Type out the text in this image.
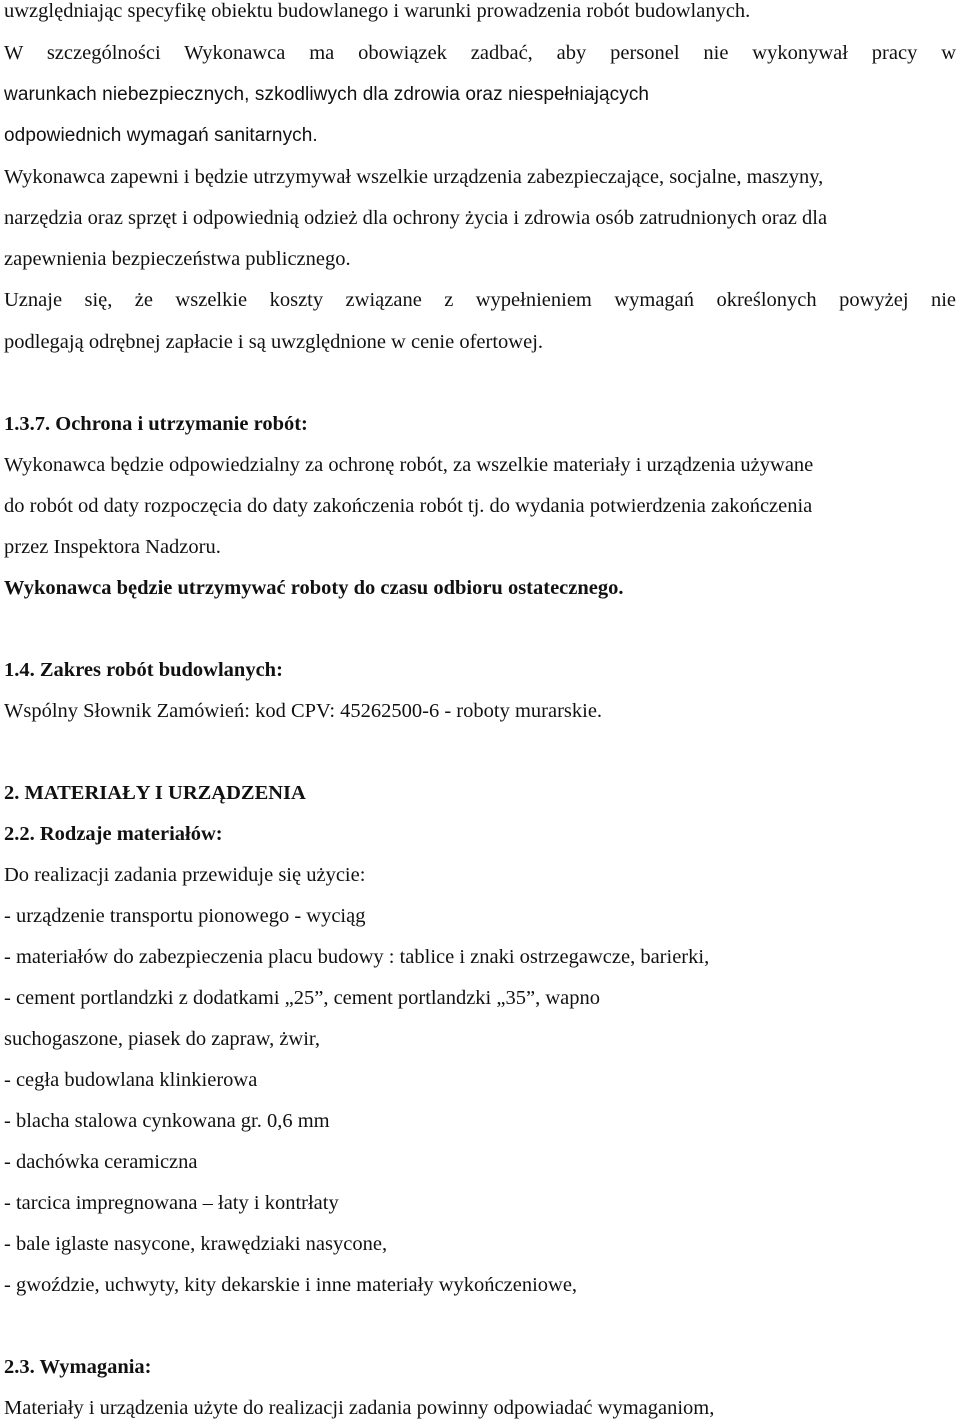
uwzględniając specyfikę obiektu budowlanego i warunki prowadzenia robót budowlanych.
W szczególności Wykonawca ma obowiązek zadbać, aby personel nie wykonywał pracy w
warunkach niebezpiecznych, szkodliwych dla zdrowia oraz niespełniających
odpowiednich wymagań sanitarnych.
Wykonawca zapewni i będzie utrzymywał wszelkie urządzenia zabezpieczające, socjalne, maszyny,
narzędzia oraz sprzęt i odpowiednią odzież dla ochrony życia i zdrowia osób zatrudnionych oraz dla
zapewnienia bezpieczeństwa publicznego.
Uznaje się, że wszelkie koszty związane z wypełnieniem wymagań określonych powyżej nie
podlegają odrębnej zapłacie i są uwzględnione w cenie ofertowej.
1.3.7. Ochrona i utrzymanie robót:
Wykonawca będzie odpowiedzialny za ochronę robót, za wszelkie materiały i urządzenia używane
do robót od daty rozpoczęcia do daty zakończenia robót tj. do wydania potwierdzenia zakończenia
przez Inspektora Nadzoru.
Wykonawca będzie utrzymywać roboty do czasu odbioru ostatecznego.
1.4. Zakres robót budowlanych:
Wspólny Słownik Zamówień: kod CPV: 45262500-6 - roboty murarskie.
2. MATERIAŁY I URZĄDZENIA
2.2. Rodzaje materiałów:
Do realizacji zadania przewiduje się użycie:
- urządzenie transportu pionowego - wyciąg
- materiałów do zabezpieczenia placu budowy : tablice i znaki ostrzegawcze, barierki,
- cement portlandzki z dodatkami „25”, cement portlandzki „35”, wapno
suchogaszone, piasek do zapraw, żwir,
- cegła budowlana klinkierowa
- blacha stalowa cynkowana gr. 0,6 mm
- dachówka ceramiczna
- tarcica impregnowana – łaty i kontrłaty
- bale iglaste nasycone, krawędziaki nasycone,
- gwoździe, uchwyty, kity dekarskie i inne materiały wykończeniowe,
2.3. Wymagania:
Materiały i urządzenia użyte do realizacji zadania powinny odpowiadać wymaganiom,
